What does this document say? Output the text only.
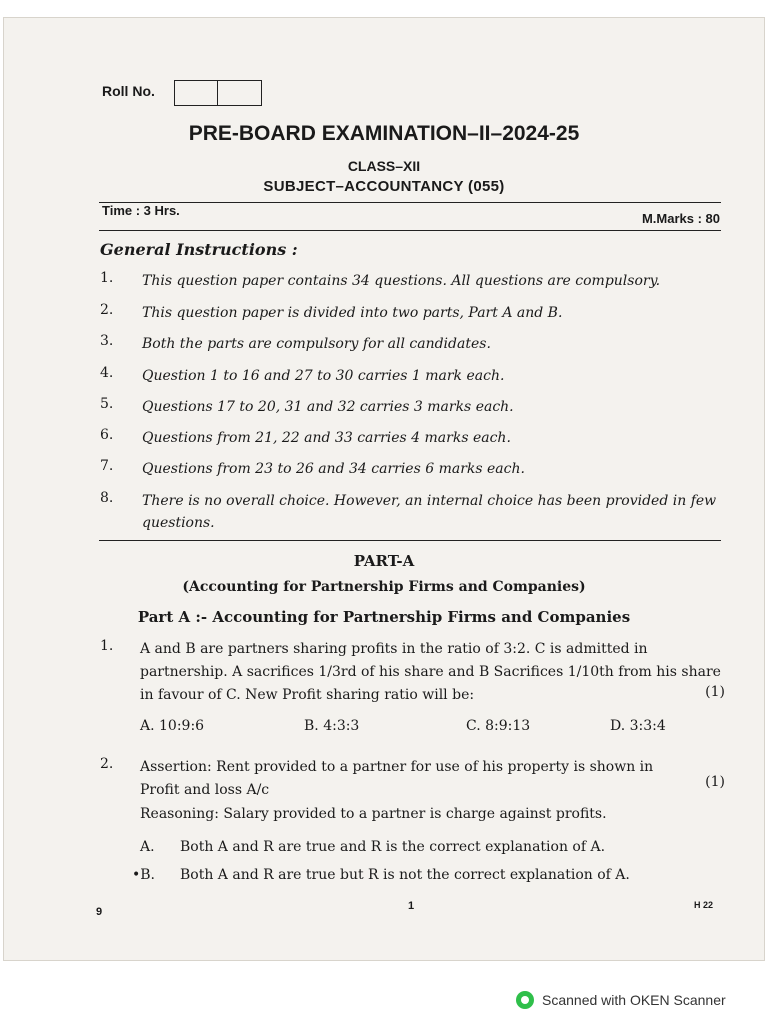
Roll No.
PRE-BOARD EXAMINATION–II–2024-25
CLASS–XII
SUBJECT–ACCOUNTANCY (055)
Time : 3 Hrs.
M.Marks : 80
General Instructions :
1. This question paper contains 34 questions. All questions are compulsory.
2. This question paper is divided into two parts, Part A and B.
3. Both the parts are compulsory for all candidates.
4. Question 1 to 16 and 27 to 30 carries 1 mark each.
5. Questions 17 to 20, 31 and 32 carries 3 marks each.
6. Questions from 21, 22 and 33 carries 4 marks each.
7. Questions from 23 to 26 and 34 carries 6 marks each.
8. There is no overall choice. However, an internal choice has been provided in few questions.
PART-A
(Accounting for Partnership Firms and Companies)
Part A :- Accounting for Partnership Firms and Companies
1. A and B are partners sharing profits in the ratio of 3:2. C is admitted in partnership. A sacrifices 1/3rd of his share and B Sacrifices 1/10th from his share in favour of C. New Profit sharing ratio will be:	(1)
A. 10:9:6	B. 4:3:3	C. 8:9:13	D. 3:3:4
2. Assertion: Rent provided to a partner for use of his property is shown in Profit and loss A/c	(1)
Reasoning: Salary provided to a partner is charge against profits.
A. Both A and R are true and R is the correct explanation of A.
•B. Both A and R are true but R is not the correct explanation of A.
9	1	H 22
Scanned with OKEN Scanner
